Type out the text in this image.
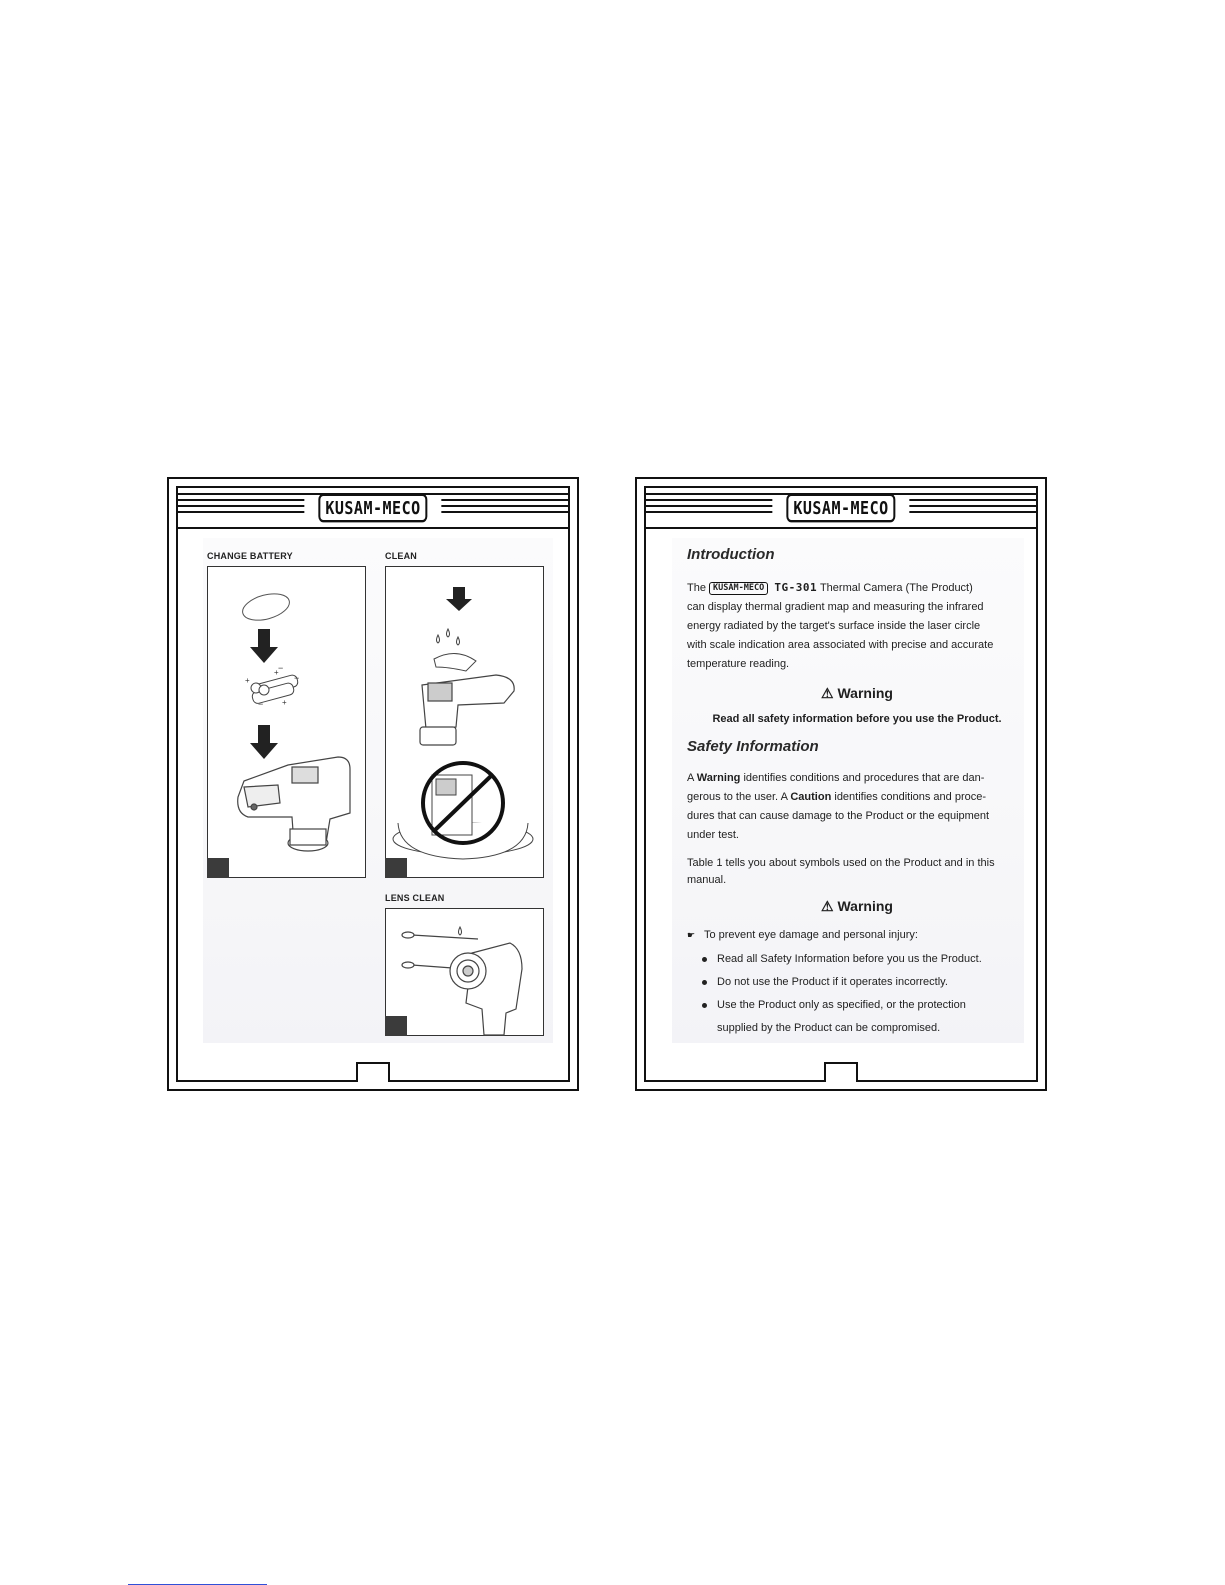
KUSAM-MECO
CHANGE BATTERY	CLEAN
LENS CLEAN
+
+
−
−
− +
KUSAM-MECO
Introduction
The KUSAM-MECO TG-301 Thermal Camera (The Product)
can display thermal gradient map and measuring the infrared
energy radiated by the target's surface inside the laser circle
with scale indication area associated with precise and accurate
temperature reading.
⚠ Warning
Read all safety information before you use the Product.
Safety Information
A Warning identifies conditions and procedures that are dan-
gerous to the user. A Caution identifies conditions and proce-
dures that can cause damage to the Product or the equipment
under test.
Table 1 tells you about symbols used on the Product and in this
manual.
⚠ Warning
☛ To prevent eye damage and personal injury:
Read all Safety Information before you us the Product.
Do not use the Product if it operates incorrectly.
Use the Product only as specified, or the protection
supplied by the Product can be compromised.
